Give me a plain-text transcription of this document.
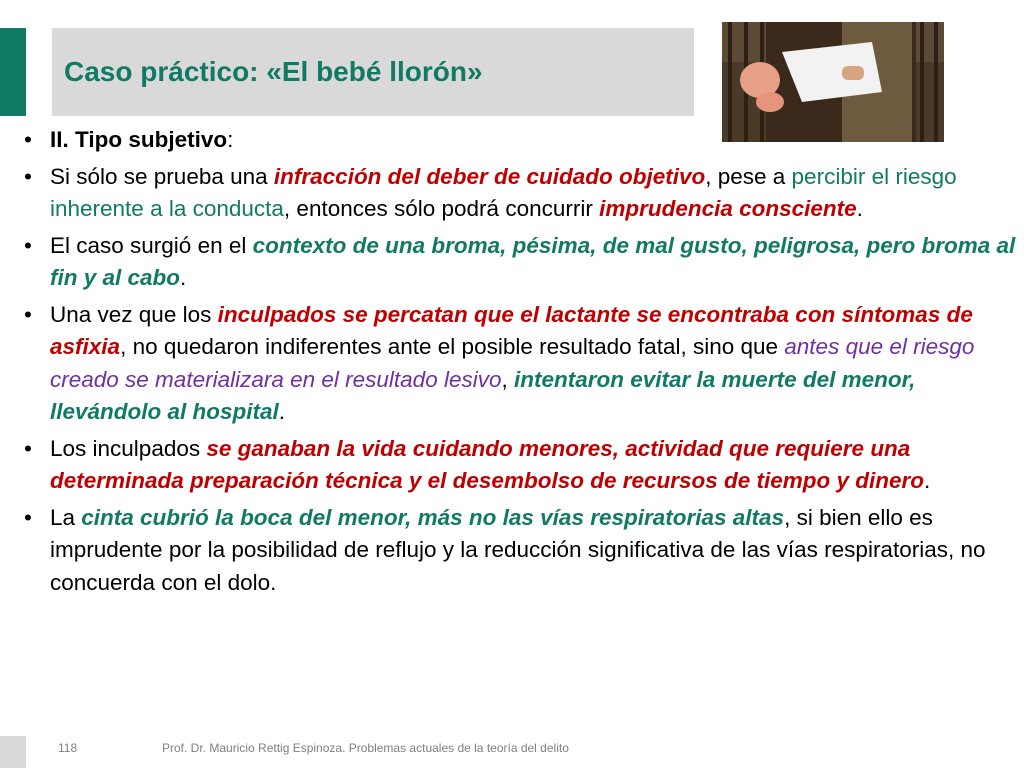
Caso práctico: «El bebé llorón»
• II. Tipo subjetivo:
• Si sólo se prueba una infracción del deber de cuidado objetivo, pese a percibir el riesgo inherente a la conducta, entonces sólo podrá concurrir imprudencia consciente.
• El caso surgió en el contexto de una broma, pésima, de mal gusto, peligrosa, pero broma al fin y al cabo.
• Una vez que los inculpados se percatan que el lactante se encontraba con síntomas de asfixia, no quedaron indiferentes ante el posible resultado fatal, sino que antes que el riesgo creado se materializara en el resultado lesivo, intentaron evitar la muerte del menor, llevándolo al hospital.
• Los inculpados se ganaban la vida cuidando menores, actividad que requiere una determinada preparación técnica y el desembolso de recursos de tiempo y dinero.
• La cinta cubrió la boca del menor, más no las vías respiratorias altas, si bien ello es imprudente por la posibilidad de reflujo y la reducción significativa de las vías respiratorias, no concuerda con el dolo.
118	Prof. Dr. Mauricio Rettig Espinoza. Problemas actuales de la teoría del delito
